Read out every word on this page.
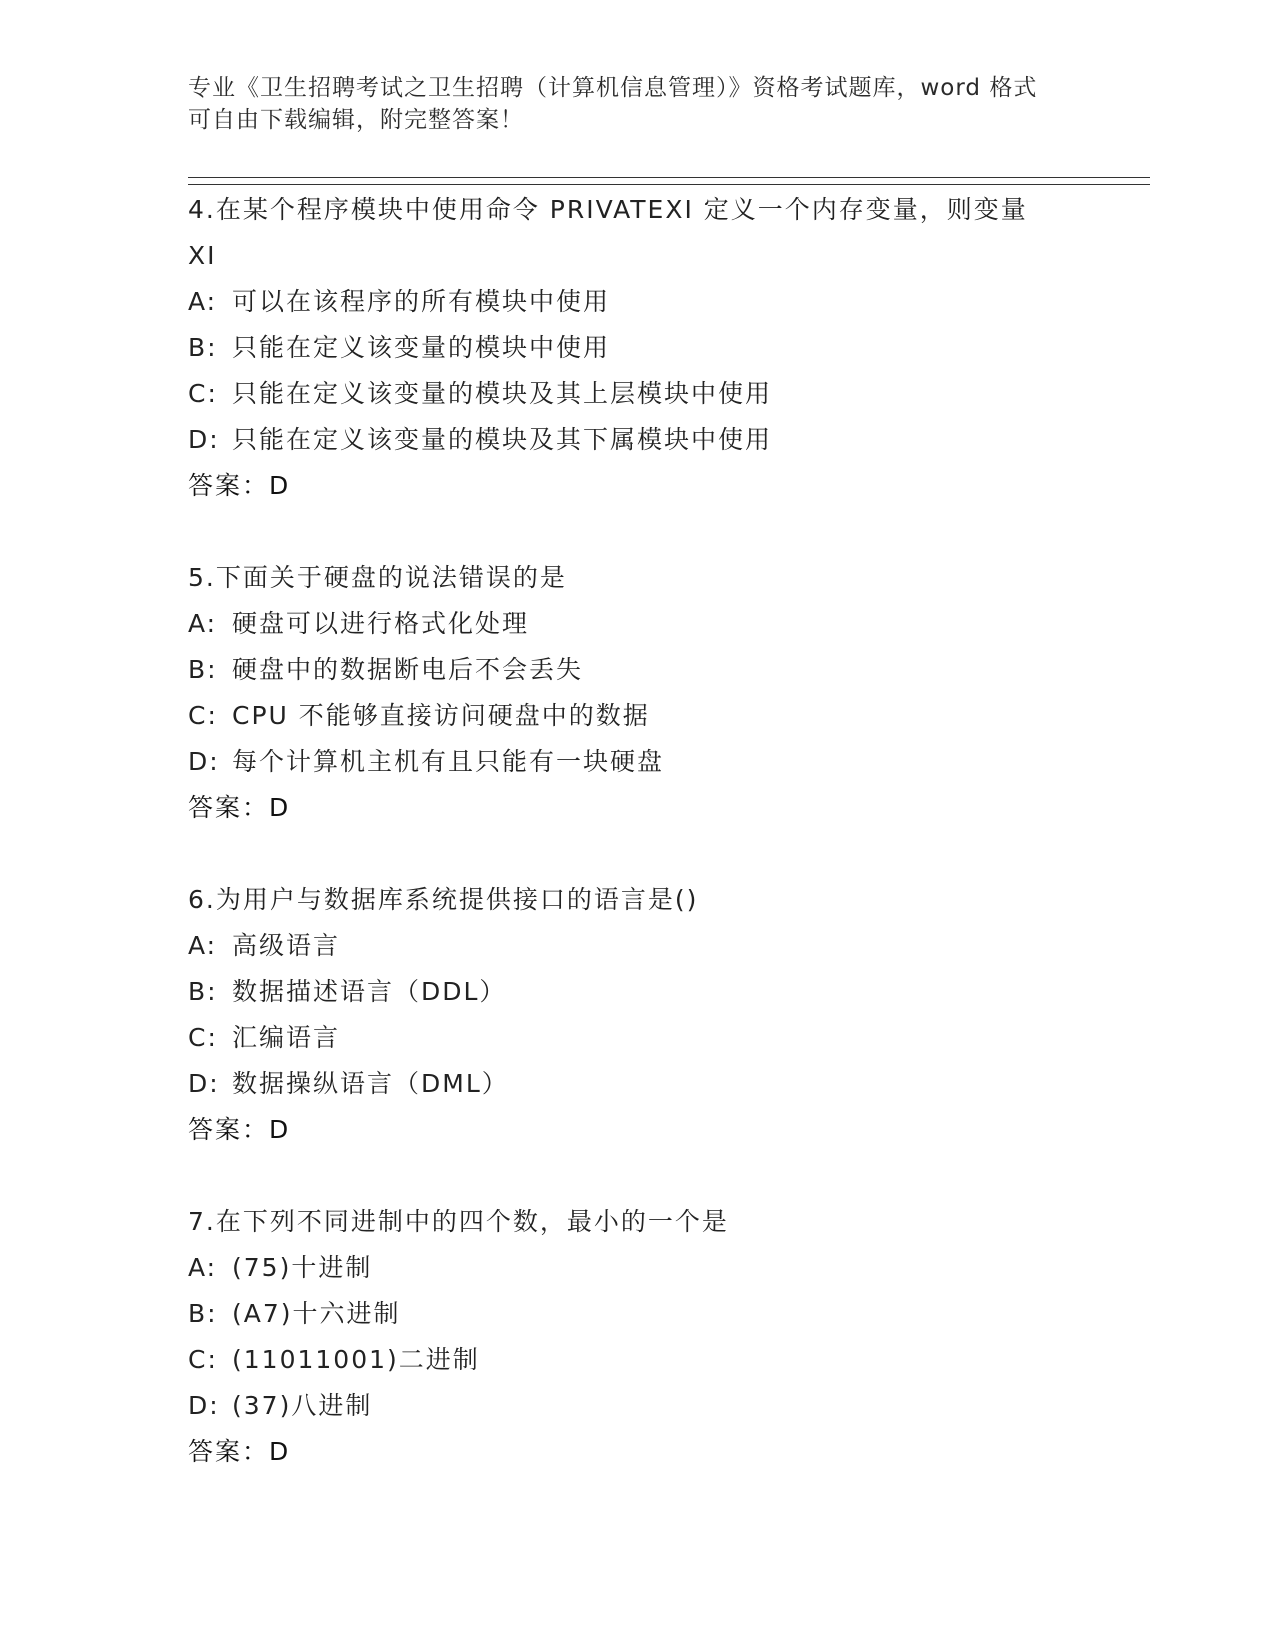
专业《卫生招聘考试之卫生招聘（计算机信息管理）》资格考试题库，word 格式
可自由下载编辑，附完整答案！
4.在某个程序模块中使用命令 PRIVATEXI 定义一个内存变量，则变量
XI
A: 可以在该程序的所有模块中使用
B: 只能在定义该变量的模块中使用
C: 只能在定义该变量的模块及其上层模块中使用
D: 只能在定义该变量的模块及其下属模块中使用
答案：D
5.下面关于硬盘的说法错误的是
A: 硬盘可以进行格式化处理
B: 硬盘中的数据断电后不会丢失
C: CPU 不能够直接访问硬盘中的数据
D: 每个计算机主机有且只能有一块硬盘
答案：D
6.为用户与数据库系统提供接口的语言是()
A: 高级语言
B: 数据描述语言（DDL）
C: 汇编语言
D: 数据操纵语言（DML）
答案：D
7.在下列不同进制中的四个数，最小的一个是
A: (75)十进制
B: (A7)十六进制
C: (11011001)二进制
D: (37)八进制
答案：D
